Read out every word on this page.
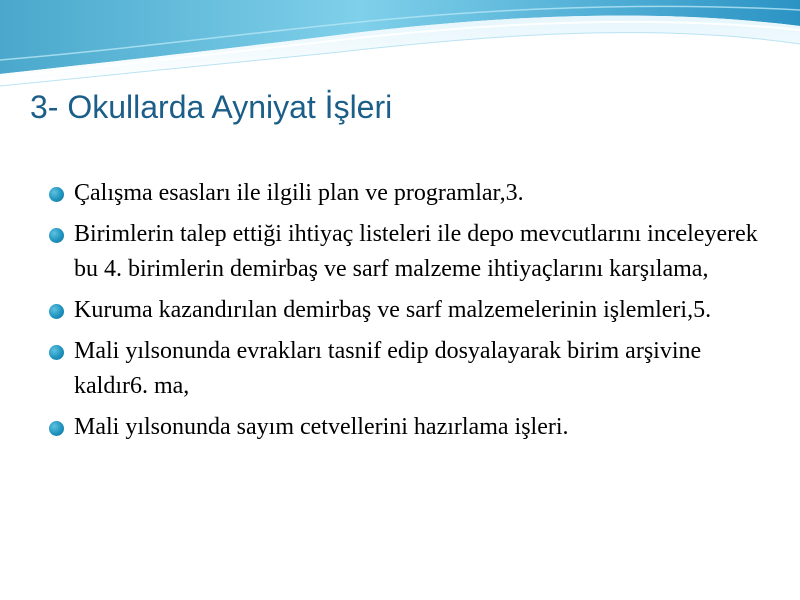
3- Okullarda Ayniyat İşleri
Çalışma esasları ile ilgili plan ve programlar,3.
Birimlerin talep ettiği ihtiyaç listeleri ile depo mevcutlarını inceleyerek bu 4. birimlerin demirbaş ve sarf malzeme ihtiyaçlarını karşılama,
Kuruma kazandırılan demirbaş ve sarf malzemelerinin işlemleri,5.
Mali yılsonunda evrakları tasnif edip dosyalayarak birim arşivine kaldır6. ma,
Mali yılsonunda sayım cetvellerini hazırlama işleri.
